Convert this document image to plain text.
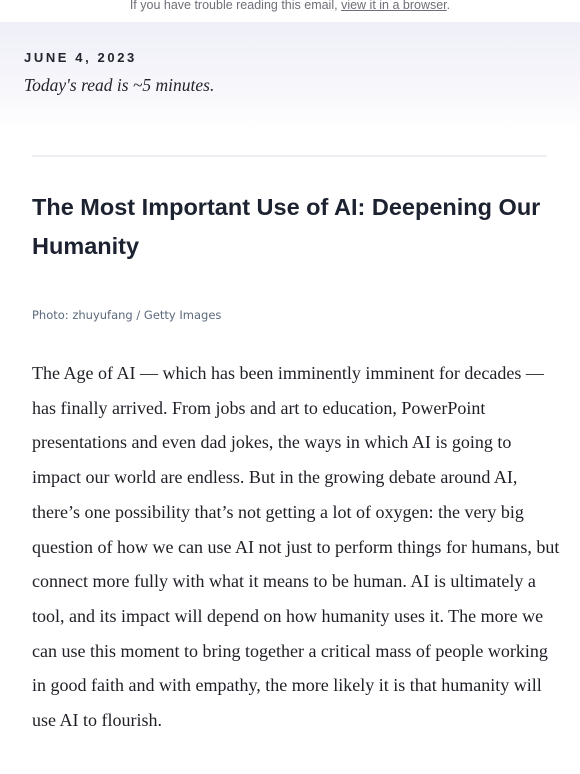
If you have trouble reading this email, view it in a browser.
JUNE 4, 2023
Today's read is ~5 minutes.
The Most Important Use of AI: Deepening Our Humanity
Photo: zhuyufang / Getty Images

The Age of AI — which has been imminently imminent for decades — has finally arrived. From jobs and art to education, PowerPoint presentations and even dad jokes, the ways in which AI is going to impact our world are endless. But in the growing debate around AI, there’s one possibility that’s not getting a lot of oxygen: the very big question of how we can use AI not just to perform things for humans, but connect more fully with what it means to be human. AI is ultimately a tool, and its impact will depend on how humanity uses it. The more we can use this moment to bring together a critical mass of people working in good faith and with empathy, the more likely it is that humanity will use AI to flourish.
